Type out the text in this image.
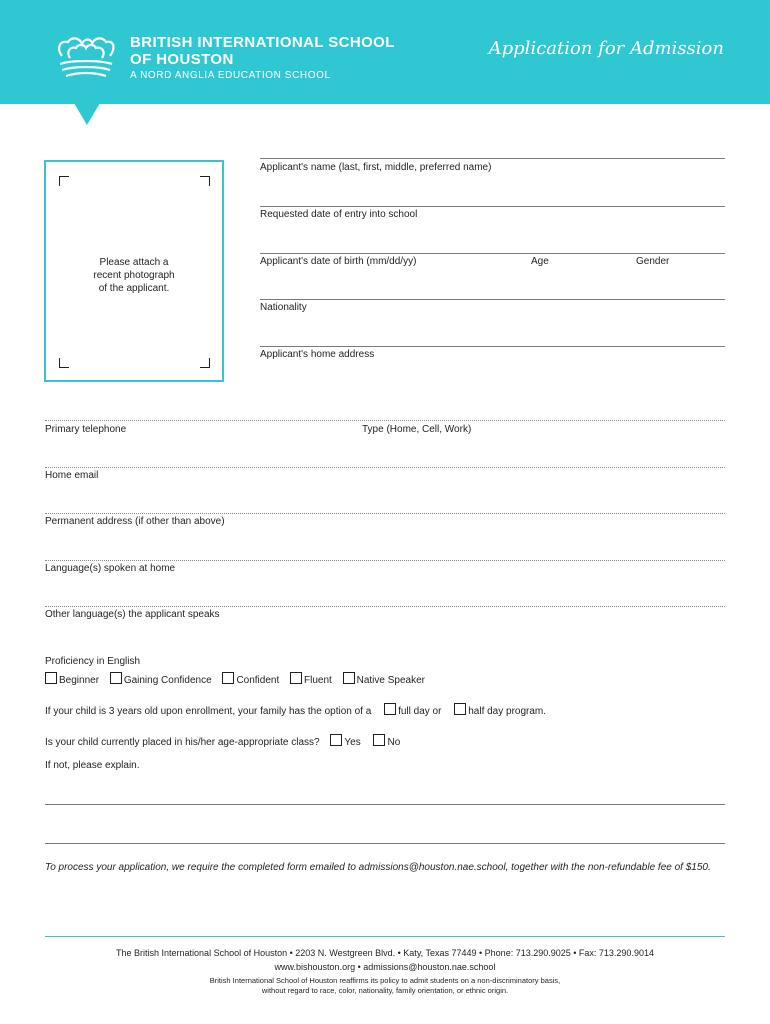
BRITISH INTERNATIONAL SCHOOL
OF HOUSTON
A NORD ANGLIA EDUCATION SCHOOL
Application for Admission
Please attach a
recent photograph
of the applicant.
Applicant's name (last, first, middle, preferred name)
Requested date of entry into school
Applicant's date of birth (mm/dd/yy)	Age	Gender
Nationality
Applicant's home address
Primary telephone	Type (Home, Cell, Work)
Home email
Permanent address (if other than above)
Language(s) spoken at home
Other language(s) the applicant speaks
Proficiency in English
Beginner Gaining Confidence Confident Fluent Native Speaker
If your child is 3 years old upon enrollment, your family has the option of a	full day or	half day program.
Is your child currently placed in his/her age-appropriate class? Yes	No
If not, please explain.
To process your application, we require the completed form emailed to admissions@houston.nae.school, together with the non-refundable fee of $150.
The British International School of Houston • 2203 N. Westgreen Blvd. • Katy, Texas 77449 • Phone: 713.290.9025 • Fax: 713.290.9014
www.bishouston.org • admissions@houston.nae.school
British International School of Houston reaffirms its policy to admit students on a non-discriminatory basis,
without regard to race, color, nationality, family orientation, or ethnic origin.
